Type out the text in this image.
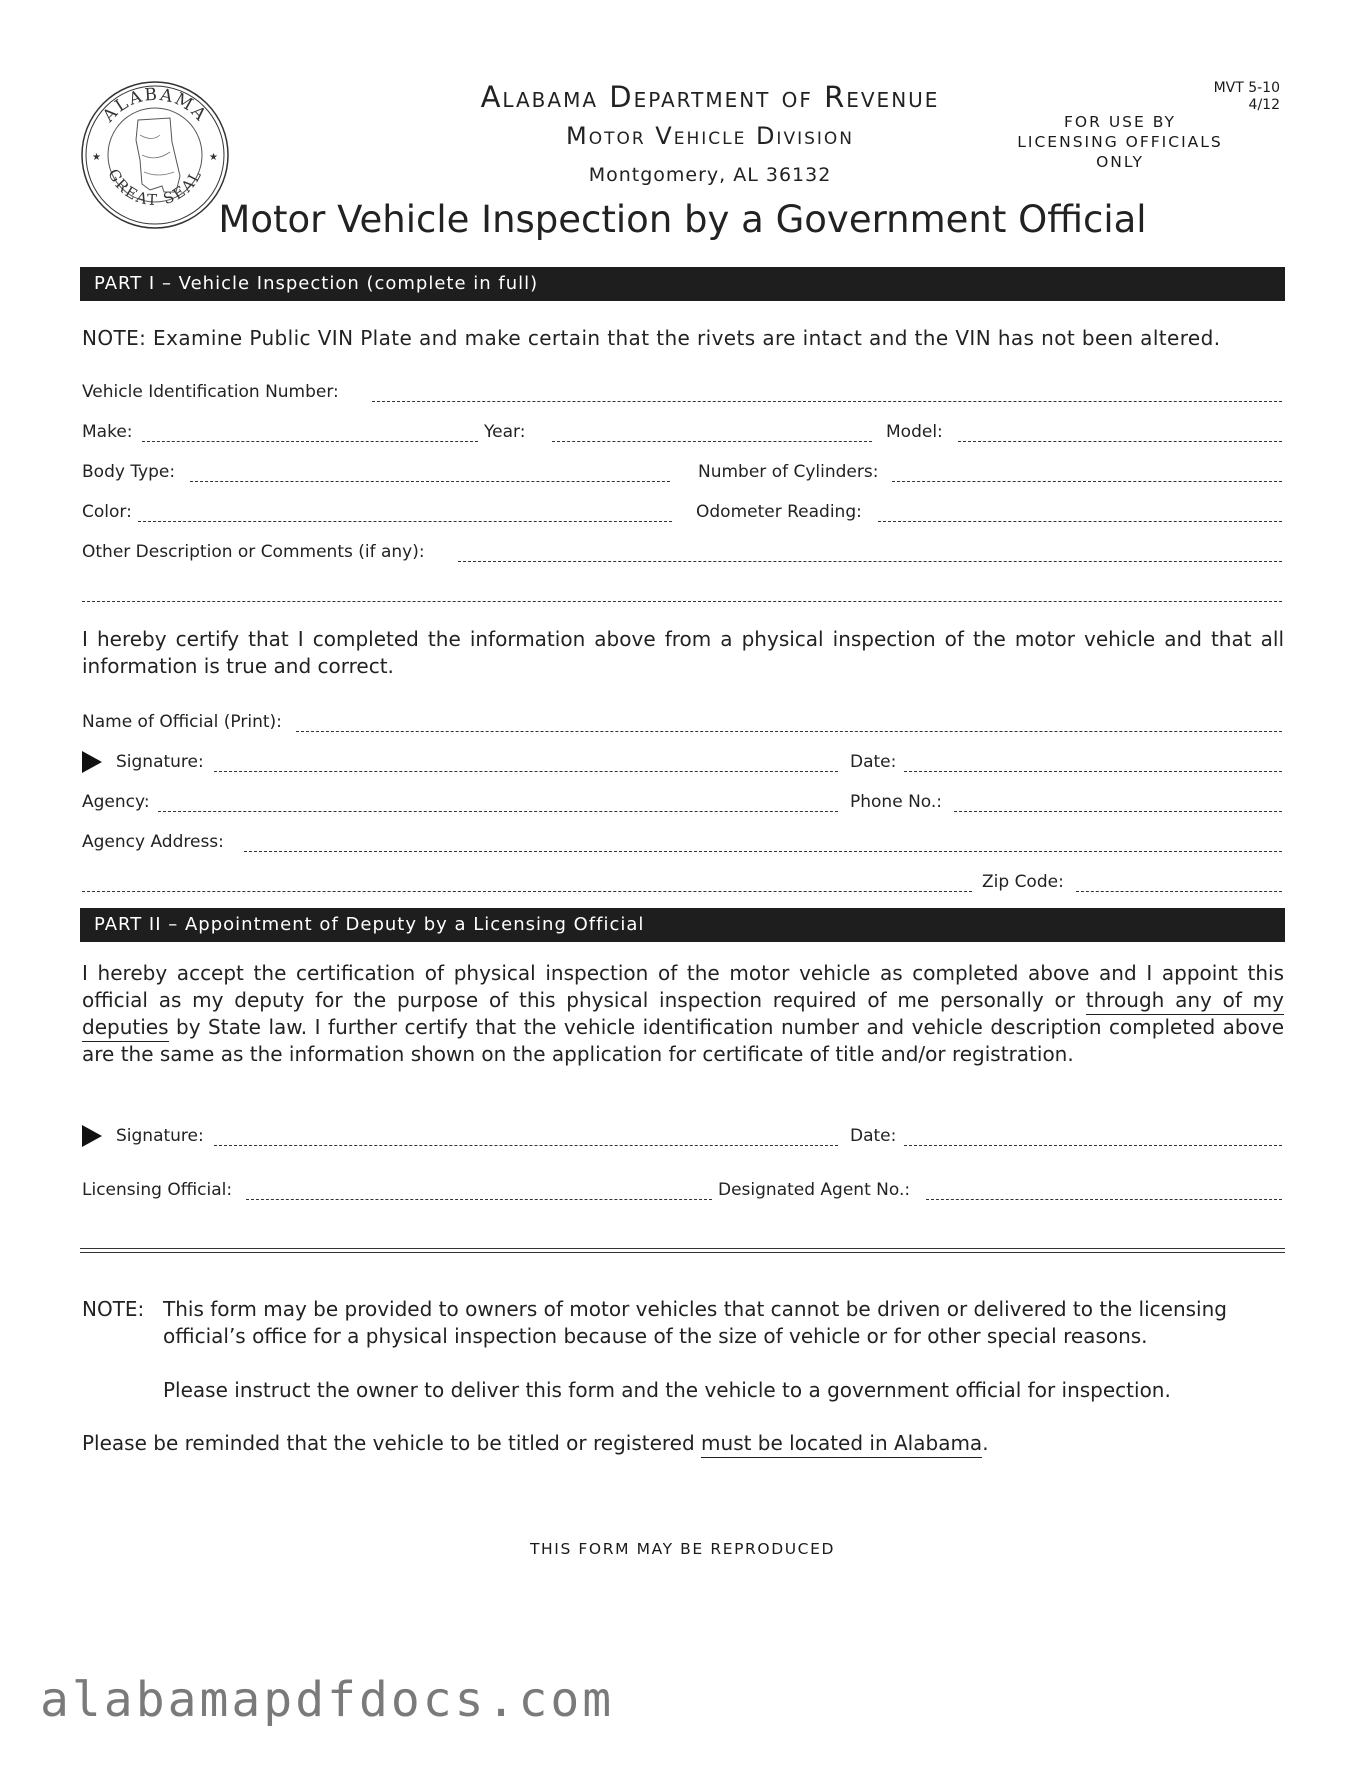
ALABAMA
GREAT SEAL
★	★
Alabama Department of Revenue
Motor Vehicle Division
Montgomery, AL 36132
MVT 5-10
4/12
FOR USE BY
LICENSING OFFICIALS
ONLY
Motor Vehicle Inspection by a Government Official
PART I – Vehicle Inspection (complete in full)
NOTE: Examine Public VIN Plate and make certain that the rivets are intact and the VIN has not been altered.
Vehicle Identification Number:
Make:	Year:	Model:
Body Type:	Number of Cylinders:
Color:	Odometer Reading:
Other Description or Comments (if any):
I hereby certify that I completed the information above from a physical inspection of the motor vehicle and that all information is true and correct.
Name of Official (Print):
Signature:	Date:
Agency:	Phone No.:
Agency Address:
Zip Code:
PART II – Appointment of Deputy by a Licensing Official
I hereby accept the certification of physical inspection of the motor vehicle as completed above and I appoint this official as my deputy for the purpose of this physical inspection required of me personally or through any of my deputies by State law. I further certify that the vehicle identification number and vehicle description completed above are the same as the information shown on the application for certificate of title and/or registration.
Signature:	Date:
Licensing Official:	Designated Agent No.:
NOTE: This form may be provided to owners of motor vehicles that cannot be driven or delivered to the licensing official’s office for a physical inspection because of the size of vehicle or for other special reasons.
Please instruct the owner to deliver this form and the vehicle to a government official for inspection.
Please be reminded that the vehicle to be titled or registered must be located in Alabama.
THIS FORM MAY BE REPRODUCED
alabamapdfdocs.com
